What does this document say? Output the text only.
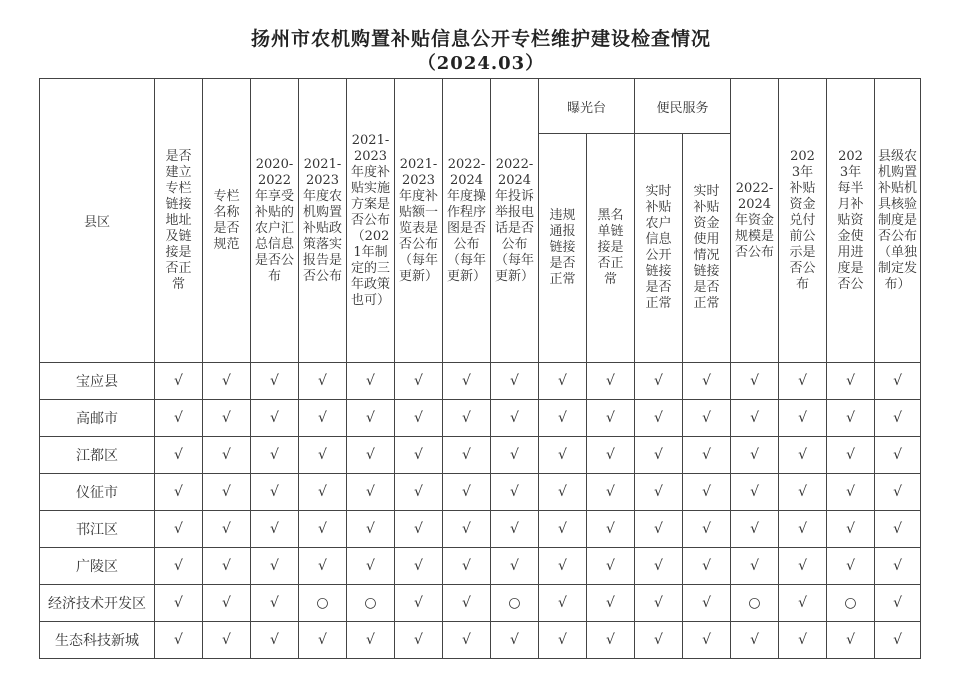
扬州市农机购置补贴信息公开专栏维护建设检查情况
（2024.03）
县区	是否建立专栏链接地址及链接是否正常	专栏名称是否规范	2020-2022年享受补贴的农户汇总信息是否公布	2021-2023年度农机购置补贴政策落实报告是否公布	2021-2023年度补贴实施方案是否公布（2021年制定的三年政策也可）	2021-2023年度补贴额一览表是否公布（每年更新）	2022-2024年度操作程序图是否公布（每年更新）	2022-2024年投诉举报电话是否公布（每年更新）	曝光台		便民服务		2022-2024年资金规模是否公布	2023年补贴资金兑付前公示是否公布	2023年每半月补贴资金使用进度是否公	县级农机购置补贴机具核验制度是否公布（单独制定发布）

									违规通报链接是否正常	黑名单链接是否正常	实时补贴农户信息公开链接是否正常	实时补贴资金使用情况链接是否正常				

宝应县	√	√	√	√	√	√	√	√	√	√	√	√	√	√	√	√
高邮市	√	√	√	√	√	√	√	√	√	√	√	√	√	√	√	√
江都区	√	√	√	√	√	√	√	√	√	√	√	√	√	√	√	√
仪征市	√	√	√	√	√	√	√	√	√	√	√	√	√	√	√	√
邗江区	√	√	√	√	√	√	√	√	√	√	√	√	√	√	√	√
广陵区	√	√	√	√	√	√	√	√	√	√	√	√	√	√	√	√
经济技术开发区	√	√	√	○	○	√	√	○	√	√	√	√	○	√	○	√
生态科技新城	√	√	√	√	√	√	√	√	√	√	√	√	√	√	√	√
